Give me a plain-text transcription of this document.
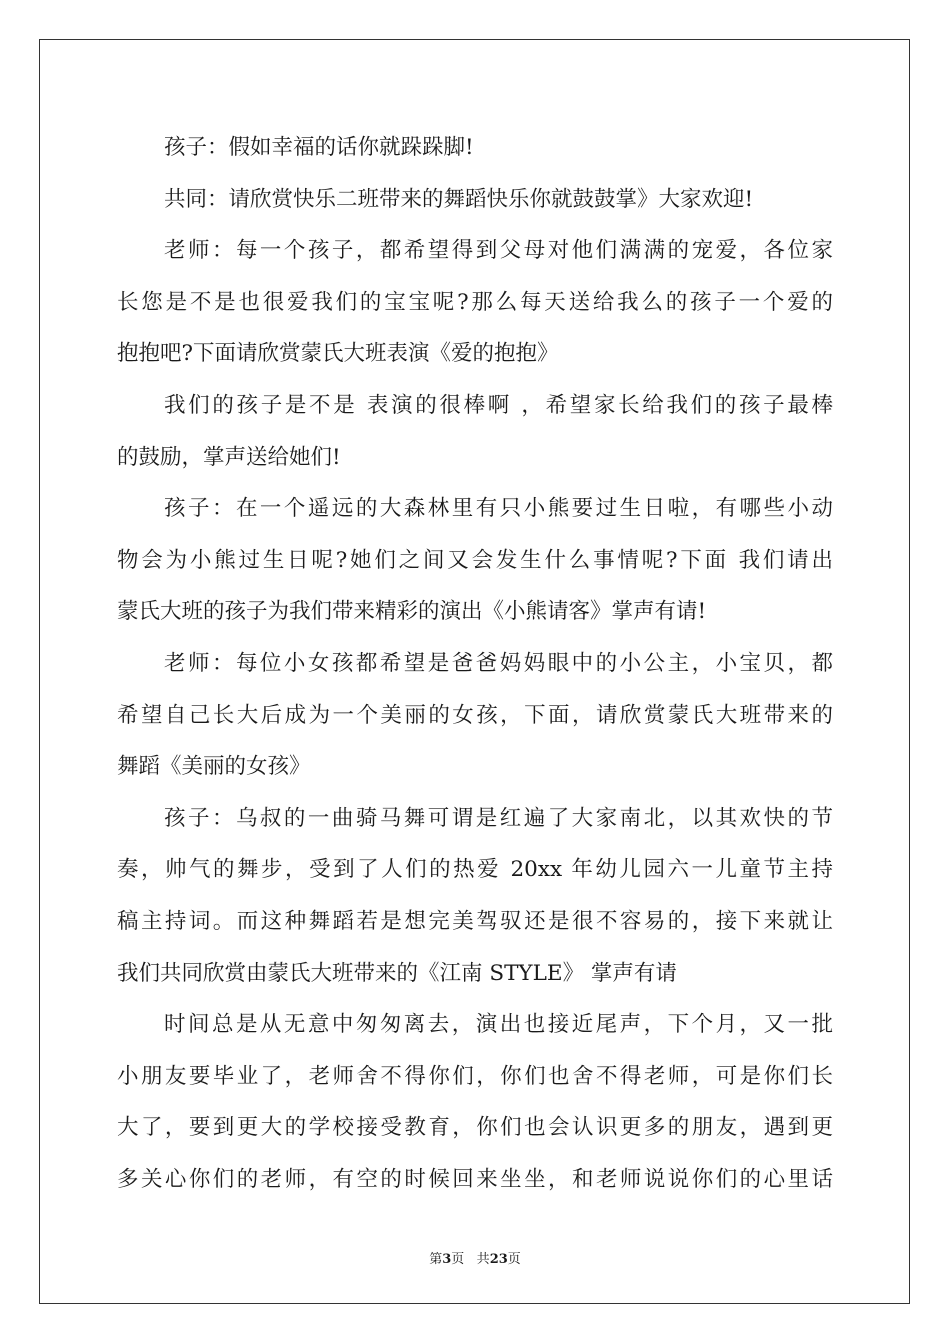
孩子：假如幸福的话你就跺跺脚!
共同：请欣赏快乐二班带来的舞蹈快乐你就鼓鼓掌》大家欢迎!
老师：每一个孩子，都希望得到父母对他们满满的宠爱，各位家
长您是不是也很爱我们的宝宝呢?那么每天送给我么的孩子一个爱的
抱抱吧?下面请欣赏蒙氏大班表演《爱的抱抱》
我们的孩子是不是 表演的很棒啊 ，希望家长给我们的孩子最棒
的鼓励，掌声送给她们!
孩子：在一个遥远的大森林里有只小熊要过生日啦，有哪些小动
物会为小熊过生日呢?她们之间又会发生什么事情呢?下面 我们请出
蒙氏大班的孩子为我们带来精彩的演出《小熊请客》掌声有请!
老师：每位小女孩都希望是爸爸妈妈眼中的小公主，小宝贝，都
希望自己长大后成为一个美丽的女孩，下面，请欣赏蒙氏大班带来的
舞蹈《美丽的女孩》
孩子：乌叔的一曲骑马舞可谓是红遍了大家南北，以其欢快的节
奏，帅气的舞步，受到了人们的热爱 20xx 年幼儿园六一儿童节主持
稿主持词。而这种舞蹈若是想完美驾驭还是很不容易的，接下来就让
我们共同欣赏由蒙氏大班带来的《江南 STYLE》 掌声有请
时间总是从无意中匆匆离去，演出也接近尾声，下个月，又一批
小朋友要毕业了，老师舍不得你们，你们也舍不得老师，可是你们长
大了，要到更大的学校接受教育，你们也会认识更多的朋友，遇到更
多关心你们的老师，有空的时候回来坐坐，和老师说说你们的心里话
第3页 共23页
